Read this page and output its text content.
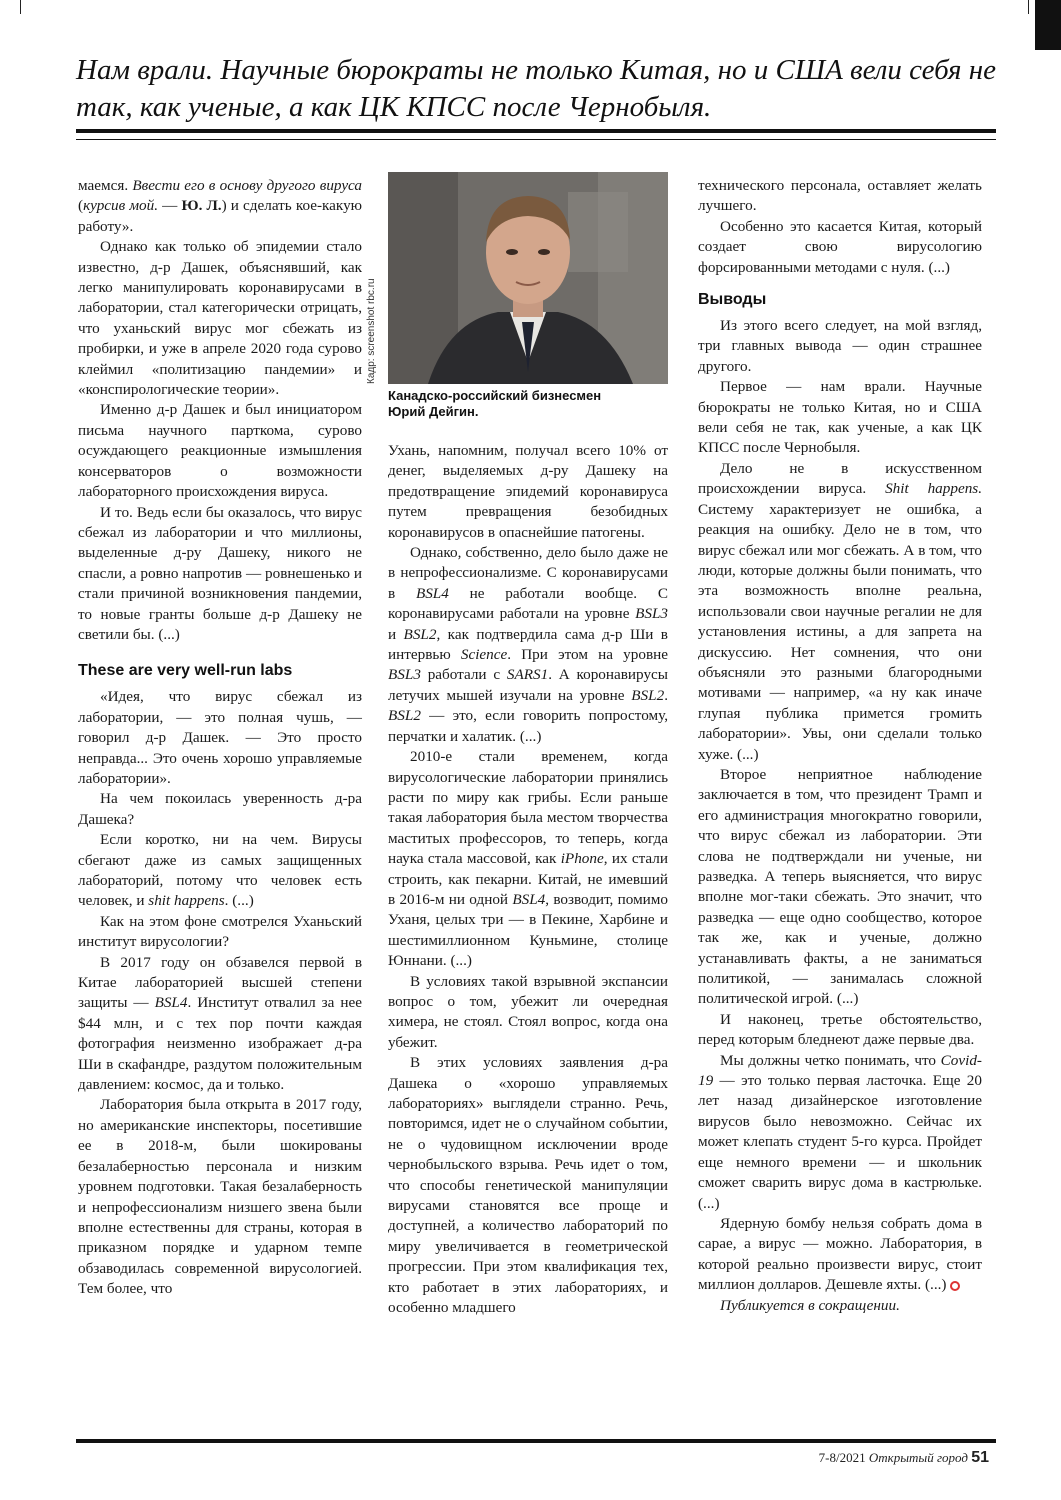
Нам врали. Научные бюрократы не только Китая, но и США вели себя не так, как ученые, а как ЦК КПСС после Чернобыля.

маемся. Ввести его в основу другого вируса (курсив мой. — Ю. Л.) и сделать кое-какую работу».

Однако как только об эпидемии стало известно, д-р Дашек, объяснявший, как легко манипулировать коронавирусами в лаборатории, стал категорически отрицать, что уханьский вирус мог сбежать из пробирки, и уже в апреле 2020 года сурово клеймил «политизацию пандемии» и «конспирологические теории».

Именно д-р Дашек и был инициатором письма научного парткома, сурово осуждающего реакционные измышления консерваторов о возможности лабораторного происхождения вируса.

И то. Ведь если бы оказалось, что вирус сбежал из лаборатории и что миллионы, выделенные д-ру Дашеку, никого не спасли, а ровно напротив — ровнешенько и стали причиной возникновения пандемии, то новые гранты больше д-р Дашеку не светили бы. (...)

These are very well-run labs

«Идея, что вирус сбежал из лаборатории, — это полная чушь, — говорил д-р Дашек. — Это просто неправда... Это очень хорошо управляемые лаборатории».

На чем покоилась уверенность д-ра Дашека?

Если коротко, ни на чем. Вирусы сбегают даже из самых защищенных лабораторий, потому что человек есть человек, и shit happens. (...)

Как на этом фоне смотрелся Уханьский институт вирусологии?

В 2017 году он обзавелся первой в Китае лабораторией высшей степени защиты — BSL4. Институт отвалил за нее $44 млн, и с тех пор почти каждая фотография неизменно изображает д-ра Ши в скафандре, раздутом положительным давлением: космос, да и только.

Лаборатория была открыта в 2017 году, но американские инспекторы, посетившие ее в 2018-м, были шокированы безалаберностью персонала и низким уровнем подготовки. Такая безалаберность и непрофессионализм низшего звена были вполне естественны для страны, которая в приказном порядке и ударном темпе обзаводилась современной вирусологией. Тем более, что

Кадр: screenshot rbc.ru
Канадско-российский бизнесмен
Юрий Дейгин.

Ухань, напомним, получал всего 10% от денег, выделяемых д-ру Дашеку на предотвращение эпидемий коронавируса путем превращения безобидных коронавирусов в опаснейшие патогены.

Однако, собственно, дело было даже не в непрофессионализме. С коронавирусами в BSL4 не работали вообще. С коронавирусами работали на уровне BSL3 и BSL2, как подтвердила сама д-р Ши в интервью Science. При этом на уровне BSL3 работали с SARS1. А коронавирусы летучих мышей изучали на уровне BSL2. BSL2 — это, если говорить попростому, перчатки и халатик. (...)

2010-е стали временем, когда вирусологические лаборатории принялись расти по миру как грибы. Если раньше такая лаборатория была местом творчества маститых профессоров, то теперь, когда наука стала массовой, как iPhone, их стали строить, как пекарни. Китай, не имевший в 2016-м ни одной BSL4, возводит, помимо Уханя, целых три — в Пекине, Харбине и шестимиллионном Куньмине, столице Юннани. (...)

В условиях такой взрывной экспансии вопрос о том, убежит ли очередная химера, не стоял. Стоял вопрос, когда она убежит.

В этих условиях заявления д-ра Дашека о «хорошо управляемых лабораториях» выглядели странно. Речь, повторимся, идет не о случайном событии, не о чудовищном исключении вроде чернобыльского взрыва. Речь идет о том, что способы генетической манипуляции вирусами становятся все проще и доступней, а количество лабораторий по миру увеличивается в геометрической прогрессии. При этом квалификация тех, кто работает в этих лабораториях, и особенно младшего

технического персонала, оставляет желать лучшего.

Особенно это касается Китая, который создает свою вирусологию форсированными методами с нуля. (...)

Выводы

Из этого всего следует, на мой взгляд, три главных вывода — один страшнее другого.

Первое — нам врали. Научные бюрократы не только Китая, но и США вели себя не так, как ученые, а как ЦК КПСС после Чернобыля.

Дело не в искусственном происхождении вируса. Shit happens. Систему характеризует не ошибка, а реакция на ошибку. Дело не в том, что вирус сбежал или мог сбежать. А в том, что люди, которые должны были понимать, что эта возможность вполне реальна, использовали свои научные регалии не для установления истины, а для запрета на дискуссию. Нет сомнения, что они объясняли это разными благородными мотивами — например, «а ну как иначе глупая публика примется громить лаборатории». Увы, они сделали только хуже. (...)

Второе неприятное наблюдение заключается в том, что президент Трамп и его администрация многократно говорили, что вирус сбежал из лаборатории. Эти слова не подтверждали ни ученые, ни разведка. А теперь выясняется, что вирус вполне мог-таки сбежать. Это значит, что разведка — еще одно сообщество, которое так же, как и ученые, должно устанавливать факты, а не заниматься политикой, — занималась сложной политической игрой. (...)

И наконец, третье обстоятельство, перед которым бледнеют даже первые два.

Мы должны четко понимать, что Covid-19 — это только первая ласточка. Еще 20 лет назад дизайнерское изготовление вирусов было невозможно. Сейчас их может клепать студент 5-го курса. Пройдет еще немного времени — и школьник сможет сварить вирус дома в кастрюльке. (...)

Ядерную бомбу нельзя собрать дома в сарае, а вирус — можно. Лаборатория, в которой реально произвести вирус, стоит миллион долларов. Дешевле яхты. (...)

Публикуется в сокращении.

7-8/2021 Открытый город 51
